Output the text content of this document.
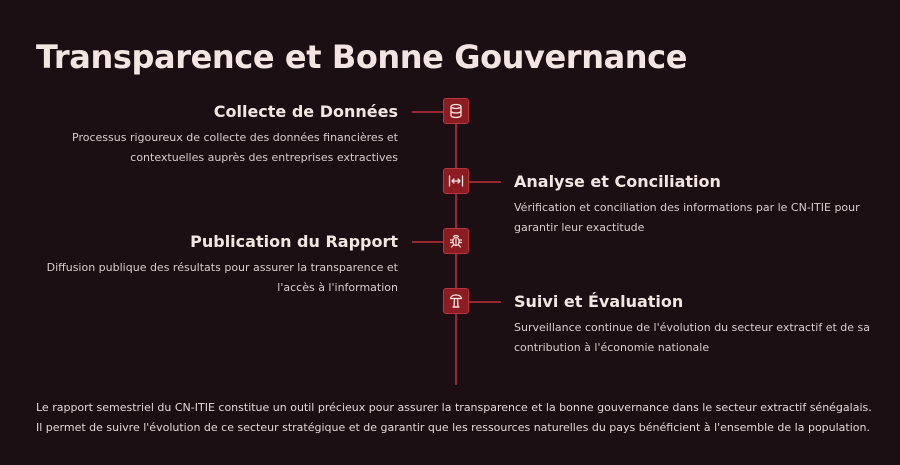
Transparence et Bonne Gouvernance
Collecte de Données

Processus rigoureux de collecte des données financières et contextuelles auprès des entreprises extractives

Analyse et Conciliation

Vérification et conciliation des informations par le CN-ITIE pour garantir leur exactitude

Publication du Rapport

Diffusion publique des résultats pour assurer la transparence et l'accès à l'information

Suivi et Évaluation

Surveillance continue de l'évolution du secteur extractif et de sa contribution à l'économie nationale

Le rapport semestriel du CN-ITIE constitue un outil précieux pour assurer la transparence et la bonne gouvernance dans le secteur extractif sénégalais. Il permet de suivre l'évolution de ce secteur stratégique et de garantir que les ressources naturelles du pays bénéficient à l'ensemble de la population.
